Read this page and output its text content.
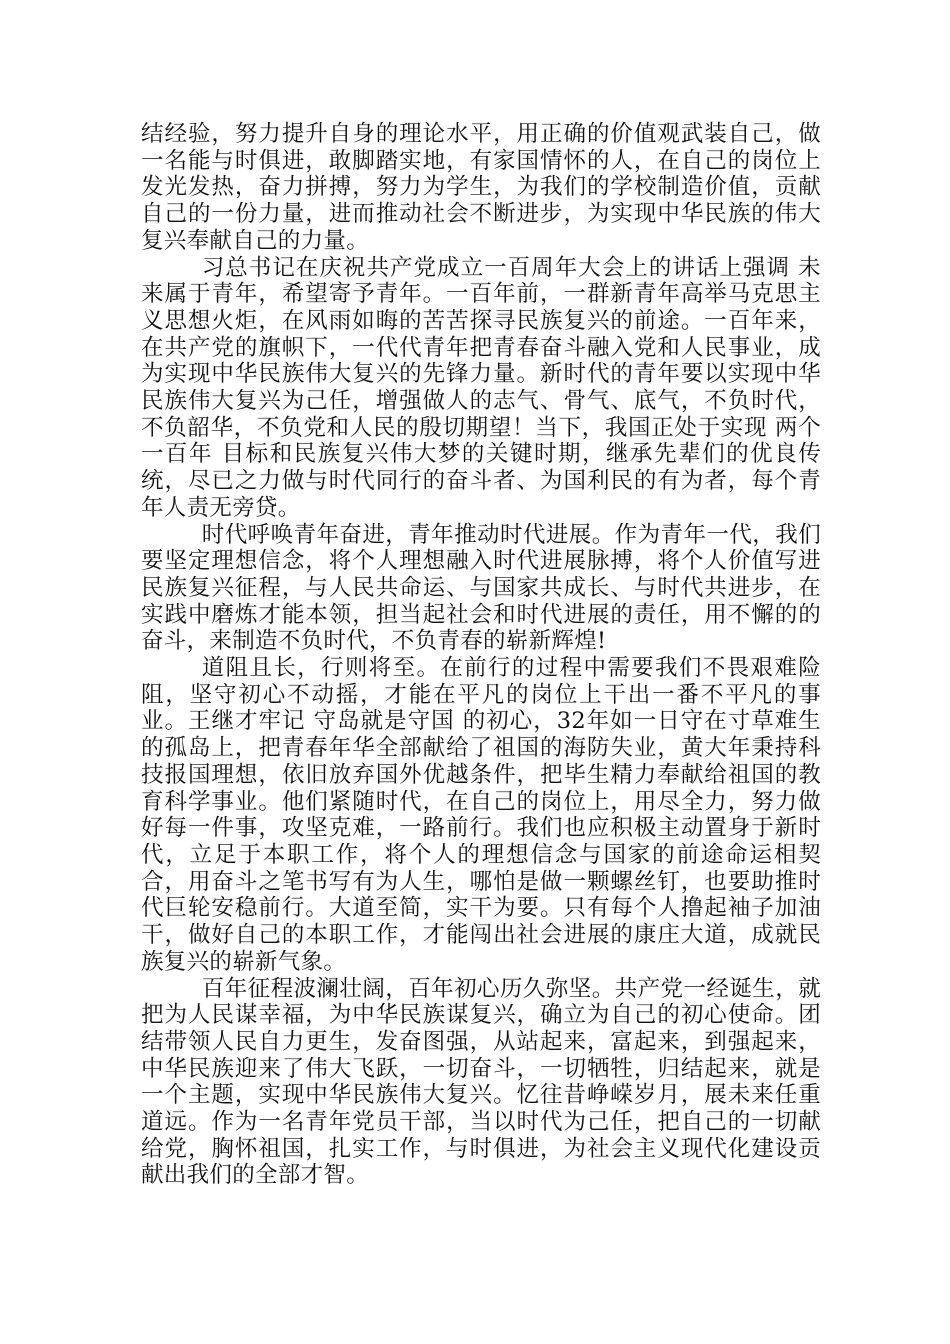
结经验，努力提升自身的理论水平，用正确的价值观武装自己，做一名能与时俱进，敢脚踏实地，有家国情怀的人，在自己的岗位上发光发热，奋力拼搏，努力为学生，为我们的学校制造价值，贡献自己的一份力量，进而推动社会不断进步，为实现中华民族的伟大复兴奉献自己的力量。

习总书记在庆祝共产党成立一百周年大会上的讲话上强调 未来属于青年，希望寄予青年。一百年前，一群新青年高举马克思主义思想火炬，在风雨如晦的苦苦探寻民族复兴的前途。一百年来，在共产党的旗帜下，一代代青年把青春奋斗融入党和人民事业，成为实现中华民族伟大复兴的先锋力量。新时代的青年要以实现中华民族伟大复兴为己任，增强做人的志气、骨气、底气，不负时代，不负韶华，不负党和人民的殷切期望！当下，我国正处于实现 两个一百年 目标和民族复兴伟大梦的关键时期，继承先辈们的优良传统，尽已之力做与时代同行的奋斗者、为国利民的有为者，每个青年人责无旁贷。

时代呼唤青年奋进，青年推动时代进展。作为青年一代，我们要坚定理想信念，将个人理想融入时代进展脉搏，将个人价值写进民族复兴征程，与人民共命运、与国家共成长、与时代共进步，在实践中磨炼才能本领，担当起社会和时代进展的责任，用不懈的的奋斗，来制造不负时代，不负青春的崭新辉煌!

道阻且长，行则将至。在前行的过程中需要我们不畏艰难险阻，坚守初心不动摇，才能在平凡的岗位上干出一番不平凡的事业。王继才牢记 守岛就是守国 的初心，32年如一日守在寸草难生的孤岛上，把青春年华全部献给了祖国的海防失业，黄大年秉持科技报国理想，依旧放弃国外优越条件，把毕生精力奉献给祖国的教育科学事业。他们紧随时代，在自己的岗位上，用尽全力，努力做好每一件事，攻坚克难，一路前行。我们也应积极主动置身于新时代，立足于本职工作，将个人的理想信念与国家的前途命运相契合，用奋斗之笔书写有为人生，哪怕是做一颗螺丝钉，也要助推时代巨轮安稳前行。大道至简，实干为要。只有每个人撸起袖子加油干，做好自己的本职工作，才能闯出社会进展的康庄大道，成就民族复兴的崭新气象。

百年征程波澜壮阔，百年初心历久弥坚。共产党一经诞生，就把为人民谋幸福，为中华民族谋复兴，确立为自己的初心使命。团结带领人民自力更生，发奋图强，从站起来，富起来，到强起来，中华民族迎来了伟大飞跃，一切奋斗，一切牺牲，归结起来，就是一个主题，实现中华民族伟大复兴。忆往昔峥嵘岁月，展未来任重道远。作为一名青年党员干部，当以时代为己任，把自己的一切献给党，胸怀祖国，扎实工作，与时俱进，为社会主义现代化建设贡献出我们的全部才智。
